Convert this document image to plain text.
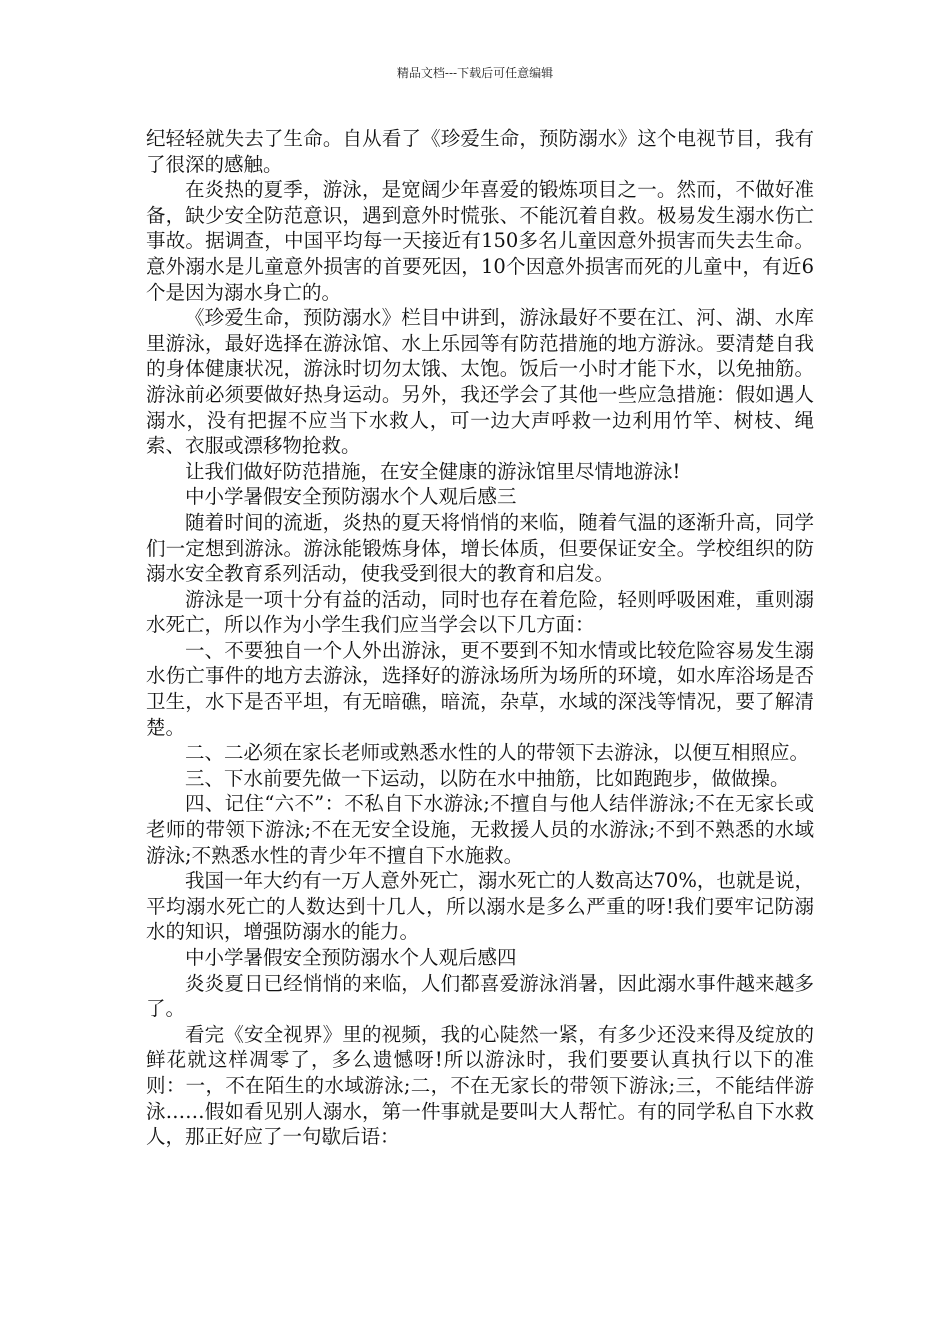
精品文档---下载后可任意编辑

纪轻轻就失去了生命。自从看了《珍爱生命，预防溺水》这个电视节目，我有了很深的感触。

在炎热的夏季，游泳，是宽阔少年喜爱的锻炼项目之一。然而，不做好准备，缺少安全防范意识，遇到意外时慌张、不能沉着自救。极易发生溺水伤亡事故。据调查，中国平均每一天接近有150多名儿童因意外损害而失去生命。意外溺水是儿童意外损害的首要死因，10个因意外损害而死的儿童中，有近6个是因为溺水身亡的。

《珍爱生命，预防溺水》栏目中讲到，游泳最好不要在江、河、湖、水库里游泳，最好选择在游泳馆、水上乐园等有防范措施的地方游泳。要清楚自我的身体健康状况，游泳时切勿太饿、太饱。饭后一小时才能下水，以免抽筋。游泳前必须要做好热身运动。另外，我还学会了其他一些应急措施：假如遇人溺水，没有把握不应当下水救人，可一边大声呼救一边利用竹竿、树枝、绳索、衣服或漂移物抢救。

让我们做好防范措施，在安全健康的游泳馆里尽情地游泳!

中小学暑假安全预防溺水个人观后感三

随着时间的流逝，炎热的夏天将悄悄的来临，随着气温的逐渐升高，同学们一定想到游泳。游泳能锻炼身体，增长体质，但要保证安全。学校组织的防溺水安全教育系列活动，使我受到很大的教育和启发。

游泳是一项十分有益的活动，同时也存在着危险，轻则呼吸困难，重则溺水死亡，所以作为小学生我们应当学会以下几方面：

一、不要独自一个人外出游泳，更不要到不知水情或比较危险容易发生溺水伤亡事件的地方去游泳，选择好的游泳场所为场所的环境，如水库浴场是否卫生，水下是否平坦，有无暗礁，暗流，杂草，水域的深浅等情况，要了解清楚。

二、二必须在家长老师或熟悉水性的人的带领下去游泳，以便互相照应。

三、下水前要先做一下运动，以防在水中抽筋，比如跑跑步，做做操。

四、记住“六不”：不私自下水游泳;不擅自与他人结伴游泳;不在无家长或老师的带领下游泳;不在无安全设施，无救援人员的水游泳;不到不熟悉的水域游泳;不熟悉水性的青少年不擅自下水施救。

我国一年大约有一万人意外死亡，溺水死亡的人数高达70%，也就是说，平均溺水死亡的人数达到十几人，所以溺水是多么严重的呀!我们要牢记防溺水的知识，增强防溺水的能力。

中小学暑假安全预防溺水个人观后感四

炎炎夏日已经悄悄的来临，人们都喜爱游泳消暑，因此溺水事件越来越多了。

看完《安全视界》里的视频，我的心陡然一紧，有多少还没来得及绽放的鲜花就这样凋零了，多么遗憾呀!所以游泳时，我们要要认真执行以下的准则：一，不在陌生的水域游泳;二，不在无家长的带领下游泳;三，不能结伴游泳……假如看见别人溺水，第一件事就是要叫大人帮忙。有的同学私自下水救人，那正好应了一句歇后语：
